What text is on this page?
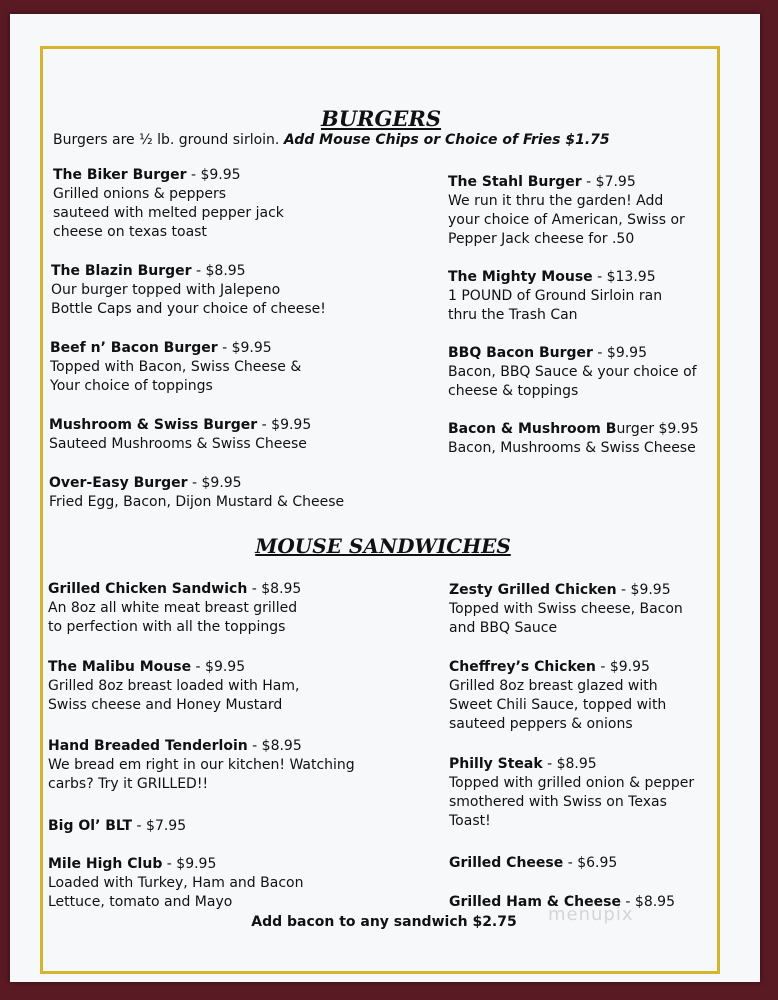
BURGERS
Burgers are ½ lb. ground sirloin. Add Mouse Chips or Choice of Fries $1.75
The Biker Burger - $9.95
Grilled onions & peppers
sauteed with melted pepper jack
cheese on texas toast
The Blazin Burger - $8.95
Our burger topped with Jalepeno
Bottle Caps and your choice of cheese!
Beef n’ Bacon Burger - $9.95
Topped with Bacon, Swiss Cheese &
Your choice of toppings
Mushroom & Swiss Burger - $9.95
Sauteed Mushrooms & Swiss Cheese
Over-Easy Burger - $9.95
Fried Egg, Bacon, Dijon Mustard & Cheese
The Stahl Burger - $7.95
We run it thru the garden! Add
your choice of American, Swiss or
Pepper Jack cheese for .50
The Mighty Mouse - $13.95
1 POUND of Ground Sirloin ran
thru the Trash Can
BBQ Bacon Burger - $9.95
Bacon, BBQ Sauce & your choice of
cheese & toppings
Bacon & Mushroom Burger $9.95
Bacon, Mushrooms & Swiss Cheese
MOUSE SANDWICHES
Grilled Chicken Sandwich - $8.95
An 8oz all white meat breast grilled
to perfection with all the toppings
The Malibu Mouse - $9.95
Grilled 8oz breast loaded with Ham,
Swiss cheese and Honey Mustard
Hand Breaded Tenderloin - $8.95
We bread em right in our kitchen! Watching
carbs? Try it GRILLED!!
Big Ol’ BLT - $7.95
Mile High Club - $9.95
Loaded with Turkey, Ham and Bacon
Lettuce, tomato and Mayo
Zesty Grilled Chicken - $9.95
Topped with Swiss cheese, Bacon
and BBQ Sauce
Cheffrey’s Chicken - $9.95
Grilled 8oz breast glazed with
Sweet Chili Sauce, topped with
sauteed peppers & onions
Philly Steak - $8.95
Topped with grilled onion & pepper
smothered with Swiss on Texas
Toast!
Grilled Cheese - $6.95
Grilled Ham & Cheese - $8.95
Add bacon to any sandwich $2.75	menupix
